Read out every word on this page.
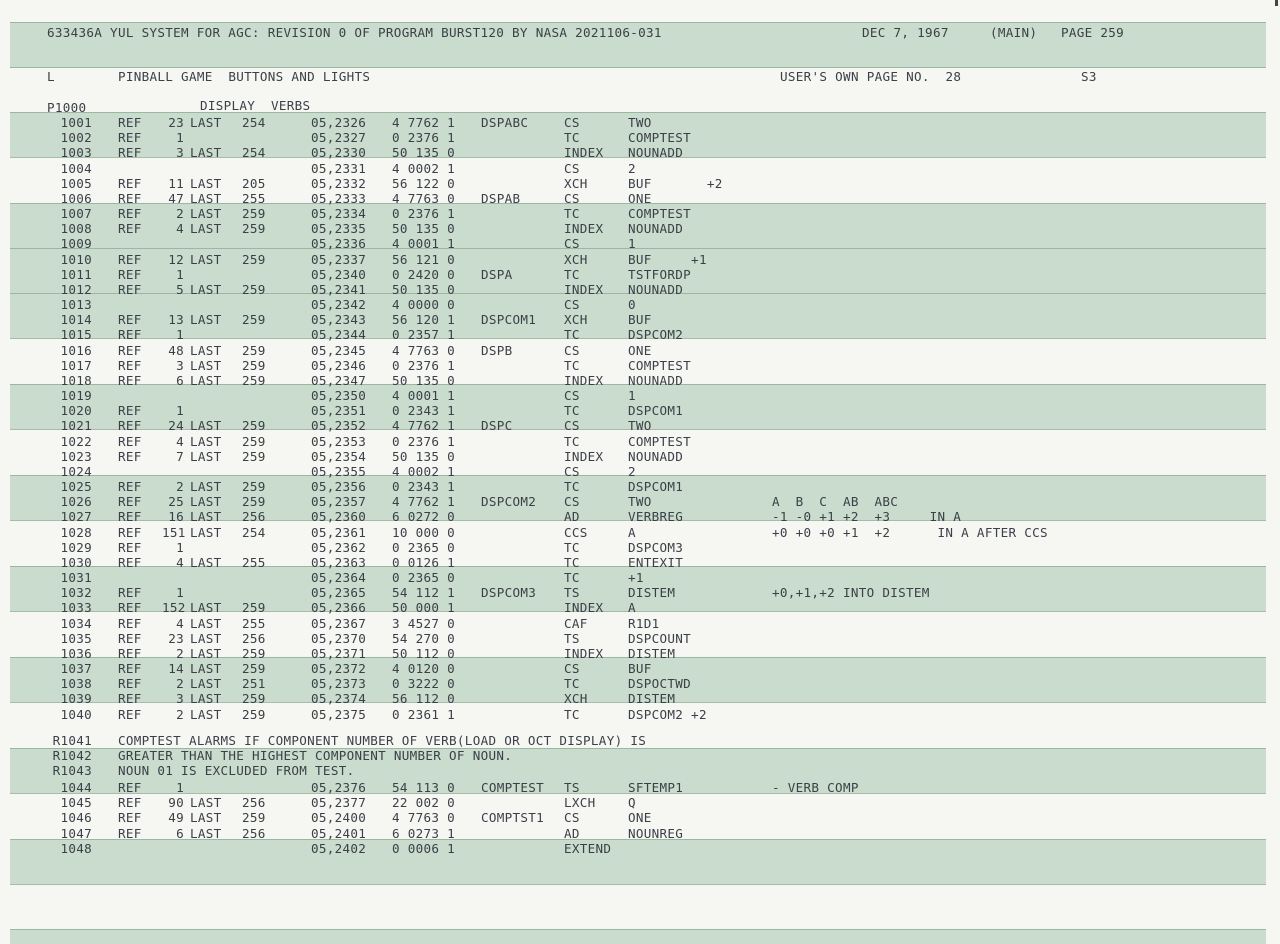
633436A YUL SYSTEM FOR AGC: REVISION 0 OF PROGRAM BURST120 BY NASA 2021106-031	DEC 7, 1967	(MAIN) PAGE 259
L	PINBALL GAME  BUTTONS AND LIGHTS	USER'S OWN PAGE NO.  28	S3
P1000	DISPLAY  VERBS
1001 REF	23 LAST 254	05,2326 4 7762 1 DSPABC	CS	TWO
1002 REF	1	05,2327 0 2376 1	TC	COMPTEST
1003 REF	3 LAST 254	05,2330 50 135 0	INDEX NOUNADD
1004	05,2331 4 0002 1	CS	2
1005 REF	11 LAST 205	05,2332 56 122 0	XCH	BUF       +2
1006 REF	47 LAST 255	05,2333 4 7763 0 DSPAB	CS	ONE
1007 REF	2 LAST 259	05,2334 0 2376 1	TC	COMPTEST
1008 REF	4 LAST 259	05,2335 50 135 0	INDEX NOUNADD
1009	05,2336 4 0001 1	CS	1
1010 REF	12 LAST 259	05,2337 56 121 0	XCH	BUF     +1
1011 REF	1	05,2340 0 2420 0 DSPA	TC	TSTFORDP
1012 REF	5 LAST 259	05,2341 50 135 0	INDEX NOUNADD
1013	05,2342 4 0000 0	CS	0
1014 REF	13 LAST 259	05,2343 56 120 1 DSPCOM1 XCH	BUF
1015 REF	1	05,2344 0 2357 1	TC	DSPCOM2
1016 REF	48 LAST 259	05,2345 4 7763 0 DSPB	CS	ONE
1017 REF	3 LAST 259	05,2346 0 2376 1	TC	COMPTEST
1018 REF	6 LAST 259	05,2347 50 135 0	INDEX NOUNADD
1019	05,2350 4 0001 1	CS	1
1020 REF	1	05,2351 0 2343 1	TC	DSPCOM1
1021 REF	24 LAST 259	05,2352 4 7762 1 DSPC	CS	TWO
1022 REF	4 LAST 259	05,2353 0 2376 1	TC	COMPTEST
1023 REF	7 LAST 259	05,2354 50 135 0	INDEX NOUNADD
1024	05,2355 4 0002 1	CS	2
1025 REF	2 LAST 259	05,2356 0 2343 1	TC	DSPCOM1
1026 REF	25 LAST 259	05,2357 4 7762 1 DSPCOM2 CS	TWO	A  B  C  AB  ABC
1027 REF	16 LAST 256	05,2360 6 0272 0	AD	VERBREG	-1 -0 +1 +2  +3     IN A
1028 REF 151 LAST 254	05,2361 10 000 0	CCS	A	+0 +0 +0 +1  +2      IN A AFTER CCS
1029 REF	1	05,2362 0 2365 0	TC	DSPCOM3
1030 REF	4 LAST 255	05,2363 0 0126 1	TC	ENTEXIT
1031	05,2364 0 2365 0	TC	+1
1032 REF	1	05,2365 54 112 1 DSPCOM3 TS	DISTEM	+0,+1,+2 INTO DISTEM
1033 REF 152 LAST 259	05,2366 50 000 1	INDEX A
1034 REF	4 LAST 255	05,2367 3 4527 0	CAF	R1D1
1035 REF	23 LAST 256	05,2370 54 270 0	TS	DSPCOUNT
1036 REF	2 LAST 259	05,2371 50 112 0	INDEX DISTEM
1037 REF	14 LAST 259	05,2372 4 0120 0	CS	BUF
1038 REF	2 LAST 251	05,2373 0 3222 0	TC	DSPOCTWD
1039 REF	3 LAST 259	05,2374 56 112 0	XCH	DISTEM
1040 REF	2 LAST 259	05,2375 0 2361 1	TC	DSPCOM2 +2
R1041 COMPTEST ALARMS IF COMPONENT NUMBER OF VERB(LOAD OR OCT DISPLAY) IS
R1042 GREATER THAN THE HIGHEST COMPONENT NUMBER OF NOUN.
R1043 NOUN 01 IS EXCLUDED FROM TEST.
1044 REF	1	05,2376 54 113 0 COMPTEST TS	SFTEMP1	- VERB COMP
1045 REF	90 LAST 256	05,2377 22 002 0	LXCH	Q
1046 REF	49 LAST 259	05,2400 4 7763 0 COMPTST1 CS	ONE
1047 REF	6 LAST 256	05,2401 6 0273 1	AD	NOUNREG
1048	05,2402 0 0006 1	EXTEND
